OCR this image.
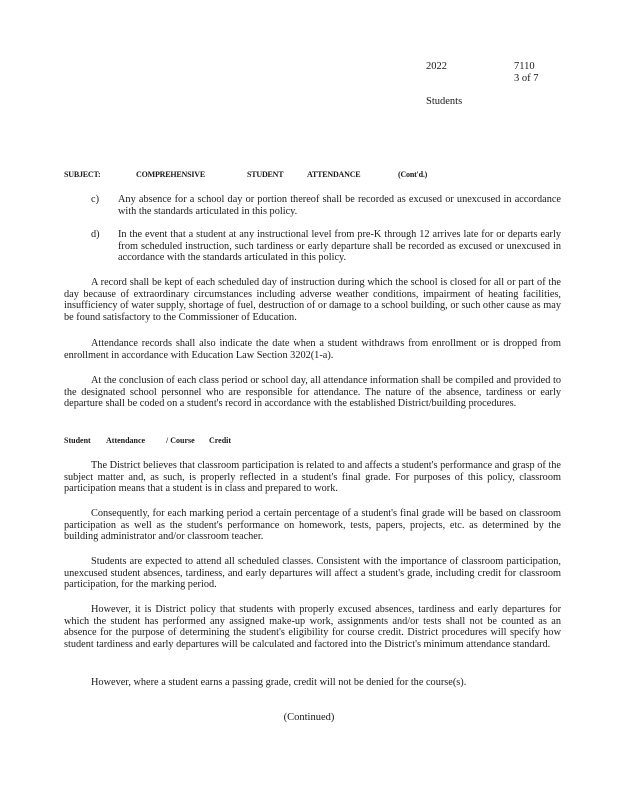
2022	7110
3 of 7
Students
SUBJECT:	COMPREHENSIVE	STUDENT	ATTENDANCE	(Cont'd.)
c) Any absence for a school day or portion thereof shall be recorded as excused or unexcused in accordance with the standards articulated in this policy.
d) In the event that a student at any instructional level from pre-K through 12 arrives late for or departs early from scheduled instruction, such tardiness or early departure shall be recorded as excused or unexcused in accordance with the standards articulated in this policy.
A record shall be kept of each scheduled day of instruction during which the school is closed for all or part of the day because of extraordinary circumstances including adverse weather conditions, impairment of heating facilities, insufficiency of water supply, shortage of fuel, destruction of or damage to a school building, or such other cause as may be found satisfactory to the Commissioner of Education.
Attendance records shall also indicate the date when a student withdraws from enrollment or is dropped from enrollment in accordance with Education Law Section 3202(1-a).
At the conclusion of each class period or school day, all attendance information shall be compiled and provided to the designated school personnel who are responsible for attendance. The nature of the absence, tardiness or early departure shall be coded on a student's record in accordance with the established District/building procedures.
Student Attendance	/ Course Credit
The District believes that classroom participation is related to and affects a student's performance and grasp of the subject matter and, as such, is properly reflected in a student's final grade. For purposes of this policy, classroom participation means that a student is in class and prepared to work.
Consequently, for each marking period a certain percentage of a student's final grade will be based on classroom participation as well as the student's performance on homework, tests, papers, projects, etc. as determined by the building administrator and/or classroom teacher.
Students are expected to attend all scheduled classes. Consistent with the importance of classroom participation, unexcused student absences, tardiness, and early departures will affect a student's grade, including credit for classroom participation, for the marking period.
However, it is District policy that students with properly excused absences, tardiness and early departures for which the student has performed any assigned make-up work, assignments and/or tests shall not be counted as an absence for the purpose of determining the student's eligibility for course credit. District procedures will specify how student tardiness and early departures will be calculated and factored into the District's minimum attendance standard.
However, where a student earns a passing grade, credit will not be denied for the course(s).
(Continued)
